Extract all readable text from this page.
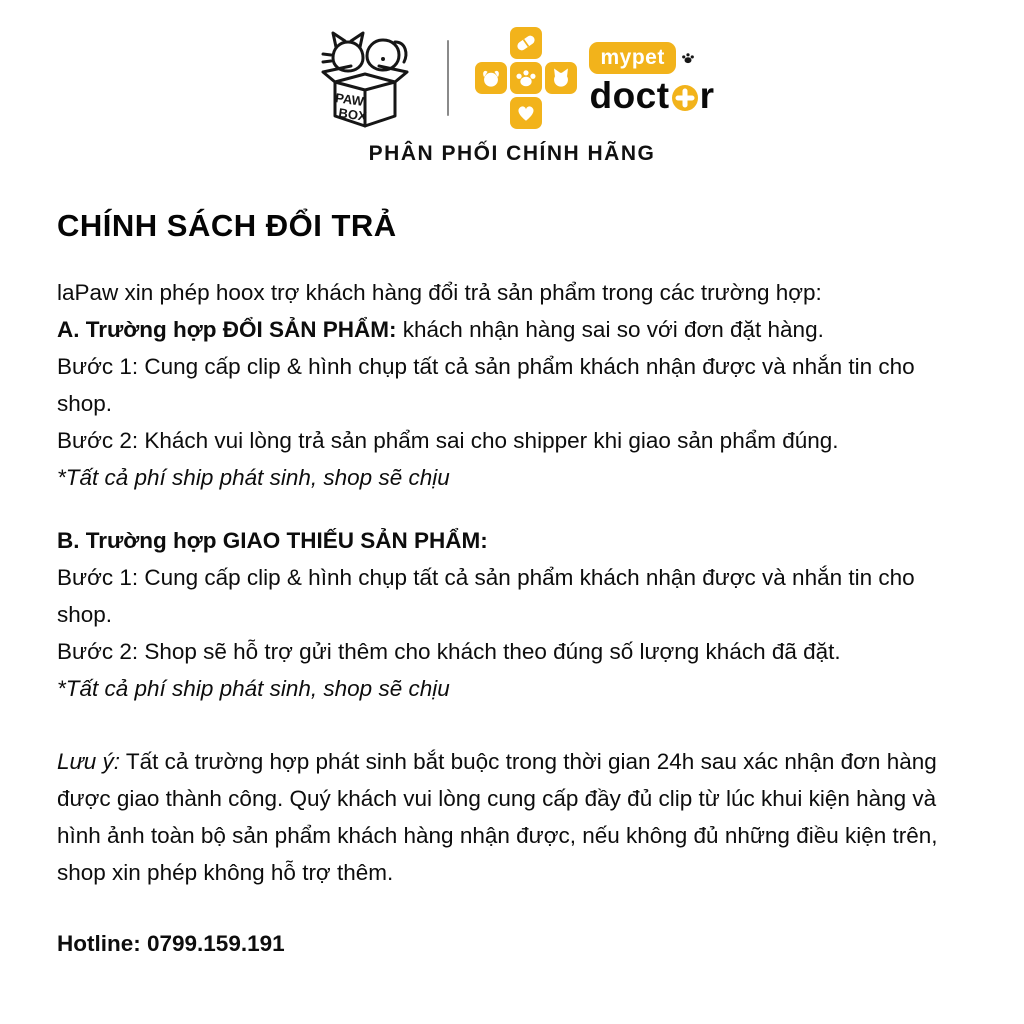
PAW
BOX
mypet
doct r
PHÂN PHỐI CHÍNH HÃNG
CHÍNH SÁCH ĐỔI TRẢ

laPaw xin phép hoox trợ khách hàng đổi trả sản phẩm trong các trường hợp:

A. Trường hợp ĐỔI SẢN PHẨM: khách nhận hàng sai so với đơn đặt hàng.

Bước 1: Cung cấp clip & hình chụp tất cả sản phẩm khách nhận được và nhắn tin cho shop.

Bước 2: Khách vui lòng trả sản phẩm sai cho shipper khi giao sản phẩm đúng.

*Tất cả phí ship phát sinh, shop sẽ chịu

B. Trường hợp GIAO THIẾU SẢN PHẨM:

Bước 1: Cung cấp clip & hình chụp tất cả sản phẩm khách nhận được và nhắn tin cho shop.

Bước 2: Shop sẽ hỗ trợ gửi thêm cho khách theo đúng số lượng khách đã đặt.

*Tất cả phí ship phát sinh, shop sẽ chịu

Lưu ý: Tất cả trường hợp phát sinh bắt buộc trong thời gian 24h sau xác nhận đơn hàng được giao thành công. Quý khách vui lòng cung cấp đầy đủ clip từ lúc khui kiện hàng và hình ảnh toàn bộ sản phẩm khách hàng nhận được, nếu không đủ những điều kiện trên, shop xin phép không hỗ trợ thêm.

Hotline: 0799.159.191
